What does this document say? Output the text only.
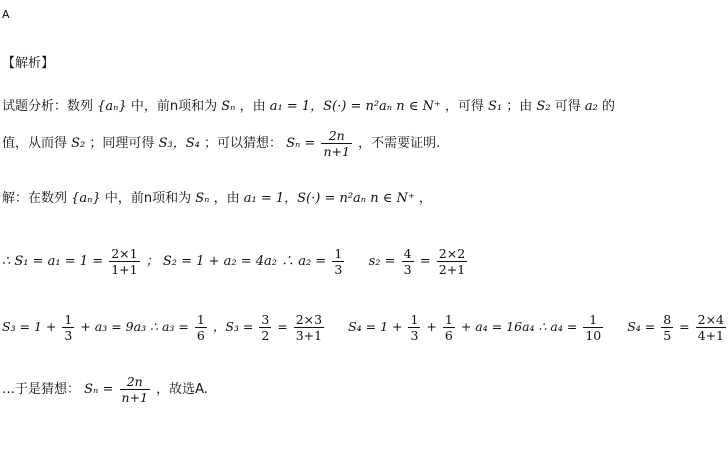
A
【解析】
试题分析：数列 {aₙ} 中，前n项和为 Sₙ ，由 a₁ = 1，S(·) = n²aₙ n ∈ N⁺ ，可得 S₁ ；由 S₂ 可得 a₂ 的
值，从而得 S₂ ；同理可得 S₃，S₄ ；可以猜想： $S_n = \frac{2n}{n+1}$ ，不需要证明.
解：在数列 {aₙ} 中，前n项和为 Sₙ ，由 a₁ = 1，S(·) = n²aₙ n ∈ N⁺ ，
∴ $S_1 = a_1 = 1 = \frac{2\times 1}{1+1}$ ； S₂ = 1 + a₂ = 4a₂ ∴ $a_2 = \frac{1}{3} s_2 = \frac{4}{3} = \frac{2\times 2}{2+1}$
$S_3 = 1 + \frac{1}{3} + a_3 = 9a_3$ ∴ $a_3 = \frac{1}{6}$ ，$S_3 = \frac{3}{2} = \frac{2\times 3}{3+1} S_4 = 1 + \frac{1}{3} + \frac{1}{6} + a_4 = 16a_4$ ∴ $a_4 = \frac{1}{10} S_4 = \frac{8}{5} = \frac{2\times 4}{4+1}$
…于是猜想： $S_n = \frac{2n}{n+1}$ ，故选A.
